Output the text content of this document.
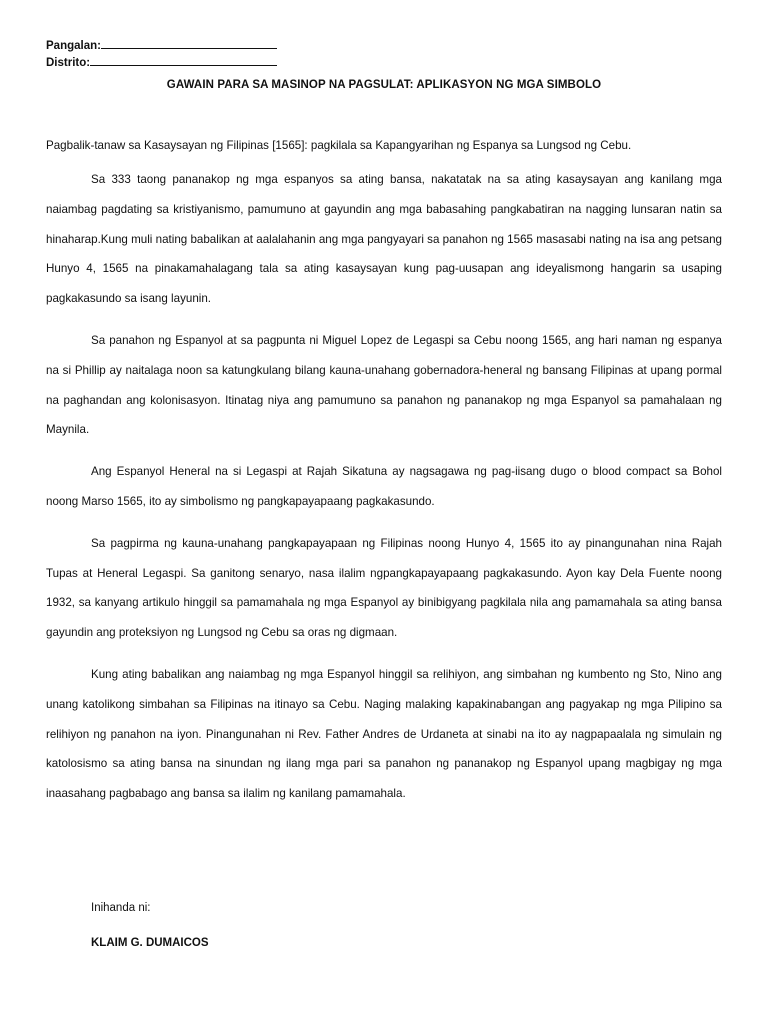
Pangalan:
Distrito:
GAWAIN PARA SA MASINOP NA PAGSULAT: APLIKASYON NG MGA SIMBOLO

Pagbalik-tanaw sa Kasaysayan ng Filipinas [1565]: pagkilala sa Kapangyarihan ng Espanya sa Lungsod ng Cebu.

Sa 333 taong pananakop ng mga espanyos sa ating bansa, nakatatak na sa ating kasaysayan ang kanilang mga naiambag pagdating sa kristiyanismo, pamumuno at gayundin ang mga babasahing pangkabatiran na nagging lunsaran natin sa hinaharap.Kung muli nating babalikan at aalalahanin ang mga pangyayari sa panahon ng 1565 masasabi nating na isa ang petsang Hunyo 4, 1565 na pinakamahalagang tala sa ating kasaysayan kung pag-uusapan ang ideyalismong hangarin sa usaping pagkakasundo sa isang layunin.

Sa panahon ng Espanyol at sa pagpunta ni Miguel Lopez de Legaspi sa Cebu noong 1565, ang hari naman ng espanya na si Phillip ay naitalaga noon sa katungkulang bilang kauna-unahang gobernadora-heneral ng bansang Filipinas at upang pormal na paghandan ang kolonisasyon. Itinatag niya ang pamumuno sa panahon ng pananakop ng mga Espanyol sa pamahalaan ng Maynila.

Ang Espanyol Heneral na si Legaspi at Rajah Sikatuna ay nagsagawa ng pag-iisang dugo o blood compact sa Bohol noong Marso 1565, ito ay simbolismo ng pangkapayapaang pagkakasundo.

Sa pagpirma ng kauna-unahang pangkapayapaan ng Filipinas noong Hunyo 4, 1565 ito ay pinangunahan nina Rajah Tupas at Heneral Legaspi. Sa ganitong senaryo, nasa ilalim ngpangkapayapaang pagkakasundo. Ayon kay Dela Fuente noong 1932, sa kanyang artikulo hinggil sa pamamahala ng mga Espanyol ay binibigyang pagkilala nila ang pamamahala sa ating bansa gayundin ang proteksiyon ng Lungsod ng Cebu sa oras ng digmaan.

Kung ating babalikan ang naiambag ng mga Espanyol hinggil sa relihiyon, ang simbahan ng kumbento ng Sto, Nino ang unang katolikong simbahan sa Filipinas na itinayo sa Cebu. Naging malaking kapakinabangan ang pagyakap ng mga Pilipino sa relihiyon ng panahon na iyon. Pinangunahan ni Rev. Father Andres de Urdaneta at sinabi na ito ay nagpapaalala ng simulain ng katolosismo sa ating bansa na sinundan ng ilang mga pari sa panahon ng pananakop ng Espanyol upang magbigay ng mga inaasahang pagbabago ang bansa sa ilalim ng kanilang pamamahala.

Inihanda ni:

KLAIM G. DUMAICOS
